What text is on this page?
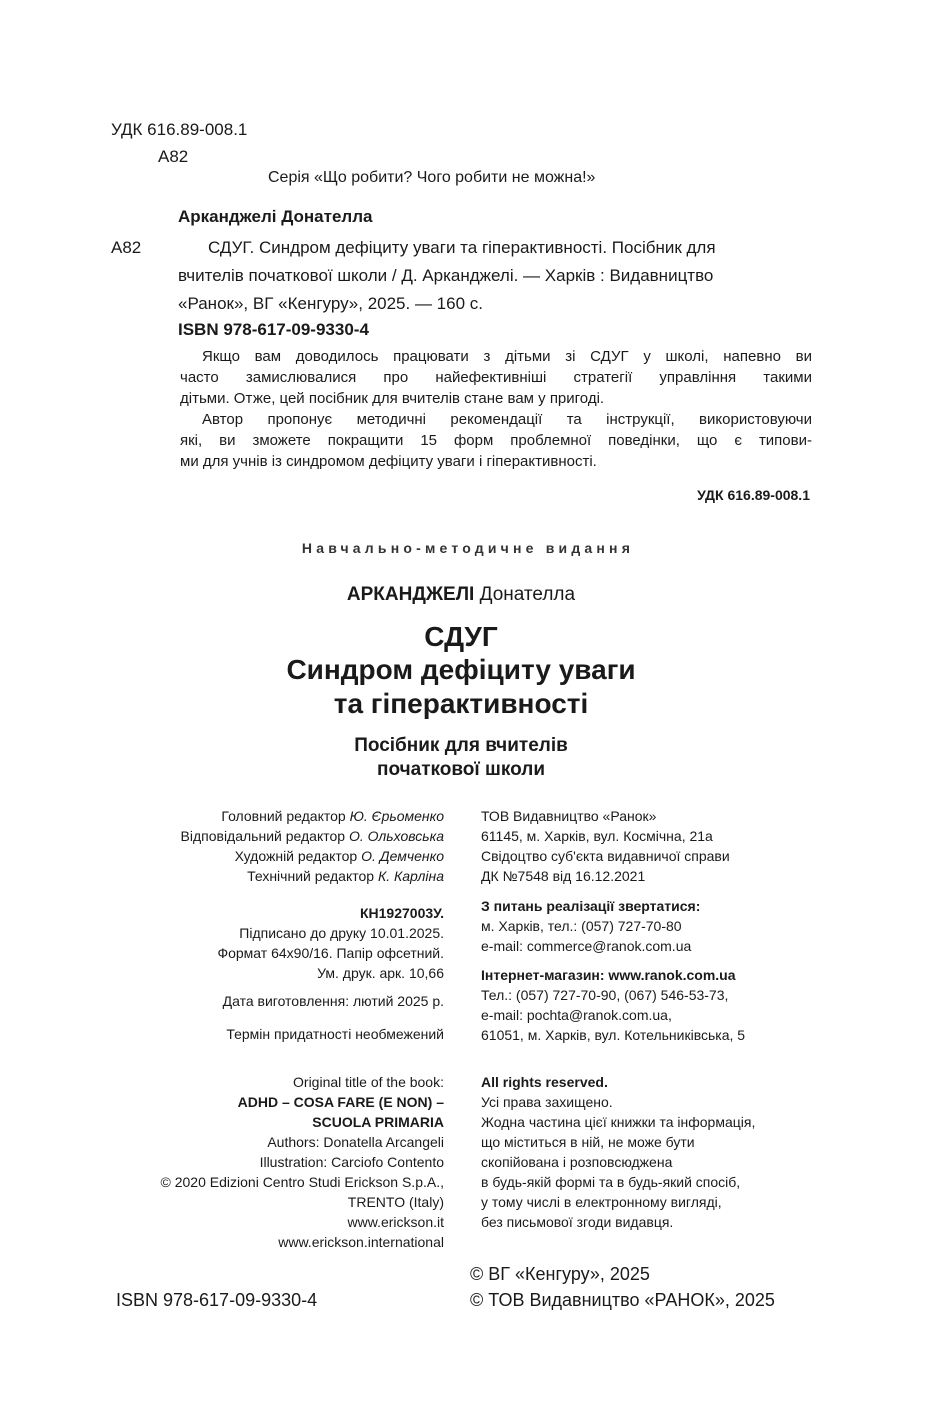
УДК 616.89-008.1
А82
Серія «Що робити? Чого робити не можна!»
Арканджелі Донателла
А82	СДУГ. Синдром дефіциту уваги та гіперактивності. Посібник для
вчителів початкової школи / Д. Арканджелі. — Харків : Видавництво
«Ранок», ВГ «Кенгуру», 2025. — 160 с.
ISBN 978-617-09-9330-4
Якщо вам доводилось працювати з дітьми зі СДУГ у школі, напевно ви
часто замислювалися про найефективніші стратегії управління такими
дітьми. Отже, цей посібник для вчителів стане вам у пригоді.
Автор пропонує методичні рекомендації та інструкції, використовуючи
які, ви зможете покращити 15 форм проблемної поведінки, що є типови-
ми для учнів із синдромом дефіциту уваги і гіперактивності.
УДК 616.89-008.1
Навчально-методичне видання
АРКАНДЖЕЛІ Донателла
СДУГ
Синдром дефіциту уваги
та гіперактивності
Посібник для вчителів
початкової школи
Головний редактор Ю. Єрьоменко
Відповідальний редактор О. Ольховська
Художній редактор О. Демченко
Технічний редактор К. Карліна
КН1927003У.
Підписано до друку 10.01.2025.
Формат 64х90/16. Папір офсетний.
Ум. друк. арк. 10,66
Дата виготовлення: лютий 2025 р.
Термін придатності необмежений
Original title of the book:
ADHD – COSA FARE (E NON) –
SCUOLA PRIMARIA
Authors: Donatella Arcangeli
Illustration: Carciofo Contento
© 2020 Edizioni Centro Studi Erickson S.p.A.,
TRENTO (Italy)
www.erickson.it
www.erickson.international
ТОВ Видавництво «Ранок»
61145, м. Харків, вул. Космічна, 21а
Свідоцтво суб'єкта видавничої справи
ДК №7548 від 16.12.2021
З питань реалізації звертатися:
м. Харків, тел.: (057) 727-70-80
e-mail: commerce@ranok.com.ua
Інтернет-магазин: www.ranok.com.ua
Тел.: (057) 727-70-90, (067) 546-53-73,
e-mail: pochta@ranok.com.ua,
61051, м. Харків, вул. Котельниківська, 5
All rights reserved.
Усі права захищено.
Жодна частина цієї книжки та інформація,
що міститься в ній, не може бути
скопійована і розповсюджена
в будь-якій формі та в будь-який спосіб,
у тому числі в електронному вигляді,
без письмової згоди видавця.
© ВГ «Кенгуру», 2025
© ТОВ Видавництво «РАНОК», 2025
ISBN 978-617-09-9330-4
